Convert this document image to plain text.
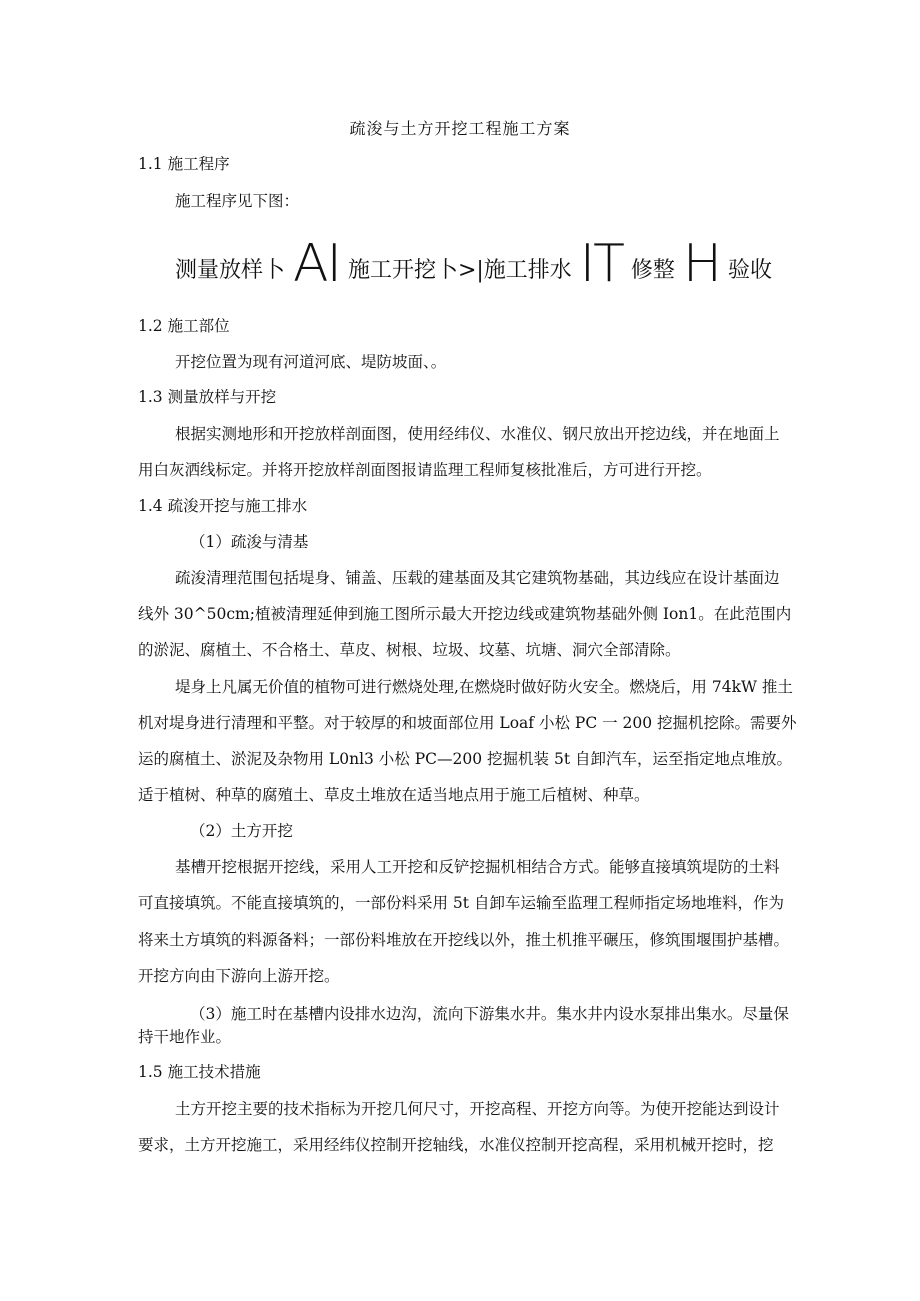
疏浚与土方开挖工程施工方案
1.1 施工程序
施工程序见下图：
测量放样卜 AI 施工开挖卜>|施工排水 IT 修整 H 验收
1.2 施工部位
开挖位置为现有河道河底、堤防坡面、。
1.3 测量放样与开挖
根据实测地形和开挖放样剖面图，使用经纬仪、水准仪、钢尺放出开挖边线，并在地面上
用白灰洒线标定。并将开挖放样剖面图报请监理工程师复核批准后，方可进行开挖。
1.4 疏浚开挖与施工排水
（1）疏浚与清基
疏浚清理范围包括堤身、铺盖、压载的建基面及其它建筑物基础，其边线应在设计基面边
线外 30^50cm;植被清理延伸到施工图所示最大开挖边线或建筑物基础外侧 Ion1。在此范围内
的淤泥、腐植土、不合格土、草皮、树根、垃圾、坟墓、坑塘、洞穴全部清除。
堤身上凡属无价值的植物可进行燃烧处理,在燃烧时做好防火安全。燃烧后，用 74kW 推土
机对堤身进行清理和平整。对于较厚的和坡面部位用 Loaf 小松 PC 一 200 挖掘机挖除。需要外
运的腐植土、淤泥及杂物用 L0nl3 小松 PC—200 挖掘机装 5t 自卸汽车，运至指定地点堆放。
适于植树、种草的腐殖土、草皮土堆放在适当地点用于施工后植树、种草。
（2）土方开挖
基槽开挖根据开挖线，采用人工开挖和反铲挖掘机相结合方式。能够直接填筑堤防的土料
可直接填筑。不能直接填筑的，一部份料采用 5t 自卸车运输至监理工程师指定场地堆料，作为
将来土方填筑的料源备料；一部份料堆放在开挖线以外，推土机推平碾压，修筑围堰围护基槽。
开挖方向由下游向上游开挖。
（3）施工时在基槽内设排水边沟，流向下游集水井。集水井内设水泵排出集水。尽量保
持干地作业。
1.5 施工技术措施
土方开挖主要的技术指标为开挖几何尺寸，开挖高程、开挖方向等。为使开挖能达到设计
要求，土方开挖施工，采用经纬仪控制开挖轴线，水准仪控制开挖高程，采用机械开挖时，挖
